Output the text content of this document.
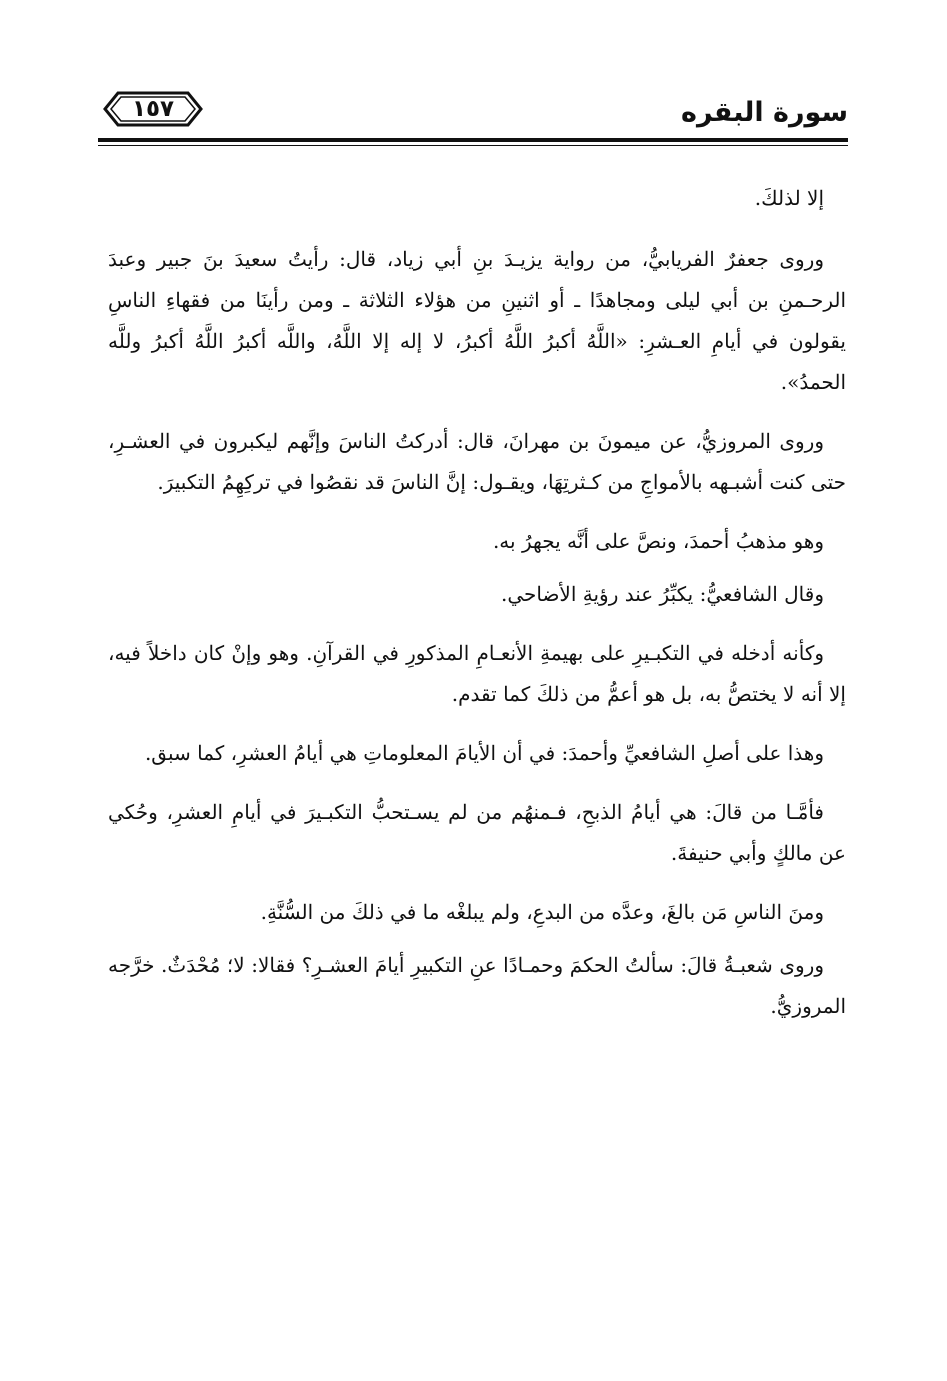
سورة البقره
١٥٧

إلا لذلكَ.

وروى جعفرٌ الفريابيُّ، من رواية يزيـدَ بنِ أبي زياد، قال: رأيتُ سعيدَ بنَ جبير وعبدَ الرحـمنِ بن أبي ليلى ومجاهدًا ـ أو اثنينِ من هؤلاء الثلاثة ـ ومن رأينَا من فقهاءِ الناسِ يقولون في أيامِ العـشرِ: «اللَّهُ أكبرُ اللَّهُ أكبرُ، لا إله إلا اللَّهُ، واللَّه أكبرُ اللَّهُ أكبرُ وللَّه الحمدُ».

وروى المروزيُّ، عن ميمونَ بن مهرانَ، قال: أدركتُ الناسَ وإنَّهم ليكبرون في العشـرِ، حتى كنت أشبـهه بالأمواجِ من كـثرتِهَا، ويقـول: إنَّ الناسَ قد نقصُوا في تركِهِمُ التكبيرَ.

وهو مذهبُ أحمدَ، ونصَّ على أنَّه يجهرُ به.

وقال الشافعيُّ: يكبِّرُ عند رؤيةِ الأضاحي.

وكأنه أدخله في التكبـيرِ على بهيمةِ الأنعـامِ المذكورِ في القرآنِ. وهو وإنْ كان داخلاً فيه، إلا أنه لا يختصُّ به، بل هو أعمُّ من ذلكَ كما تقدم.

وهذا على أصلِ الشافعيِّ وأحمدَ: في أن الأيامَ المعلوماتِ هي أيامُ العشرِ، كما سبق.

فأمَّـا من قالَ: هي أيامُ الذبحِ، فـمنهُم من لم يسـتحبُّ التكبـيرَ في أيامِ العشرِ، وحُكي عن مالكٍ وأبي حنيفةَ.

ومنَ الناسِ مَن بالغَ، وعدَّه من البدعِ، ولم يبلغْه ما في ذلكَ من السُّنَّةِ.

وروى شعبـةُ قالَ: سألتُ الحكمَ وحمـادًا عنِ التكبيرِ أيامَ العشـرِ؟ فقالا: لا؛ مُحْدَثٌ. خرَّجه المروزيُّ.
